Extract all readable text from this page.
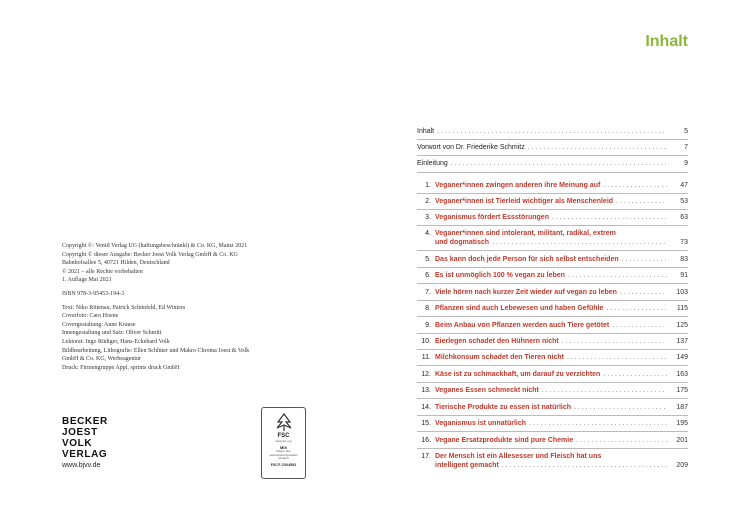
Copyright ©: Ventil Verlag UG (haftungsbeschränkt) & Co. KG, Mainz 2021
Copyright © dieser Ausgabe: Becker Joest Volk Verlag GmbH & Co. KG
Bahnhofsallee 5, 40721 Hilden, Deutschland
© 2021 – alle Rechte vorbehalten
1. Auflage Mai 2021
ISBN 978-3-95453-194-3
Text: Niko Rittenau, Patrick Schönfeld, Ed Winters
Coverfoto: Caro Hoene
Covergestaltung: Anne Krause
Innengestaltung und Satz: Oliver Schmitt
Lektorat: Ingo Rüdiger, Hans-Eckehard Volk
Bildbearbeitung, Lithografie: Ellen Schlüter und Makro Chroma Joest & Volk
GmbH & Co. KG, Werbeagentur
Druck: Firmengruppe Appl, sprints druck GmbH
BECKER
JOEST
VOLK
VERLAG
www.bjvv.de
FSC
www.fsc.org
MIX
Papier aus verantwortungsvollen Quellen
FSC® C004592
Inhalt
Inhalt . . .	5
Vorwort von Dr. Friederike Schmitz . . .	7
Einleitung . . .	9
1. Veganer*innen zwingen anderen ihre Meinung auf . . .	47
2. Veganer*innen ist Tierleid wichtiger als Menschenleid . . .	53
3. Veganismus fördert Essstörungen . . .	63
4. Veganer*innen sind intolerant, militant, radikal, extrem
und dogmatisch . . .	73
5. Das kann doch jede Person für sich selbst entscheiden . . .	83
6. Es ist unmöglich 100 % vegan zu leben . . .	91
7. Viele hören nach kurzer Zeit wieder auf vegan zu leben . . .	103
8. Pflanzen sind auch Lebewesen und haben Gefühle . . .	115
9. Beim Anbau von Pflanzen werden auch Tiere getötet . . .	125
10. Eierlegen schadet den Hühnern nicht . . .	137
11. Milchkonsum schadet den Tieren nicht . . .	149
12. Käse ist zu schmackhaft, um darauf zu verzichten . . .	163
13. Veganes Essen schmeckt nicht . . .	175
14. Tierische Produkte zu essen ist natürlich . . .	187
15. Veganismus ist unnatürlich . . .	195
16. Vegane Ersatzprodukte sind pure Chemie . . .	201
17. Der Mensch ist ein Allesesser und Fleisch hat uns
intelligent gemacht . . .	209
